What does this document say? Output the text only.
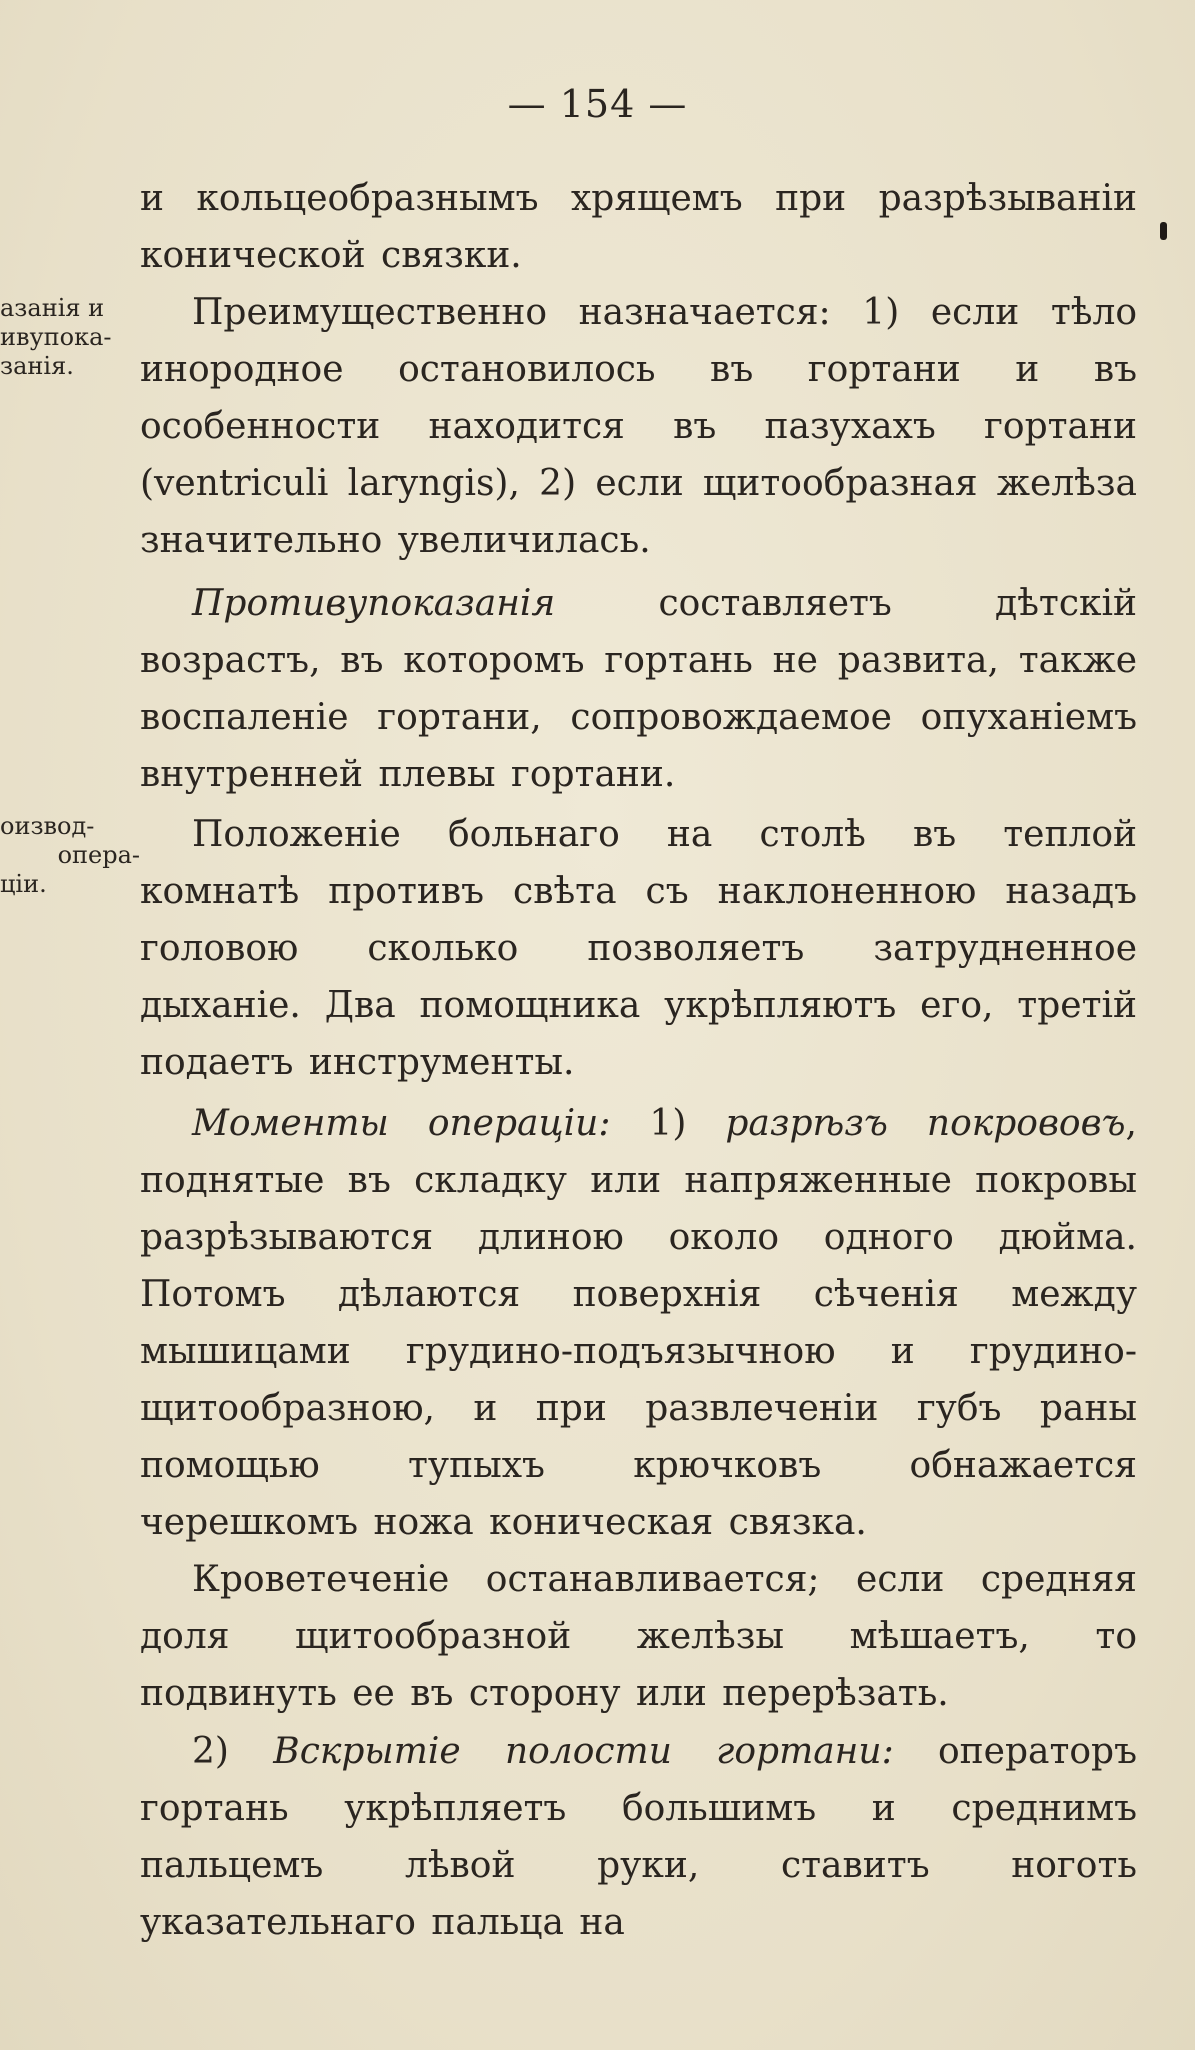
— 154 —
азанія и
ивупока-
занія.
оизвод-
опера-
ціи.

и кольцеобразнымъ хрящемъ при разрѣзываніи конической связки.

Преимущественно назначается: 1) если тѣло инородное остановилось въ гортани и въ особенности находится въ пазухахъ гортани (ventriculi laryngis), 2) если щитообразная желѣза значительно увеличилась.

Противупоказанія составляетъ дѣтскій возрастъ, въ которомъ гортань не развита, также воспаленіе гортани, сопровождаемое опуханіемъ внутренней плевы гортани.

Положеніе больнаго на столѣ въ теплой комнатѣ противъ свѣта съ наклоненною назадъ головою сколько позволяетъ затрудненное дыханіе. Два помощника укрѣпляютъ его, третій подаетъ инструменты.

Моменты операціи: 1) разрѣзъ покрововъ, поднятые въ складку или напряженные покровы разрѣзываются длиною около одного дюйма. Потомъ дѣлаются поверхнія сѣченія между мышицами грудино-подъязычною и грудино-щитообразною, и при развлеченіи губъ раны помощью тупыхъ крючковъ обнажается черешкомъ ножа коническая связка.

Кроветеченіе останавливается; если средняя доля щитообразной желѣзы мѣшаетъ, то подвинуть ее въ сторону или перерѣзать.

2) Вскрытіе полости гортани: операторъ гортань укрѣпляетъ большимъ и среднимъ пальцемъ лѣвой руки, ставитъ ноготь указательнаго пальца на
